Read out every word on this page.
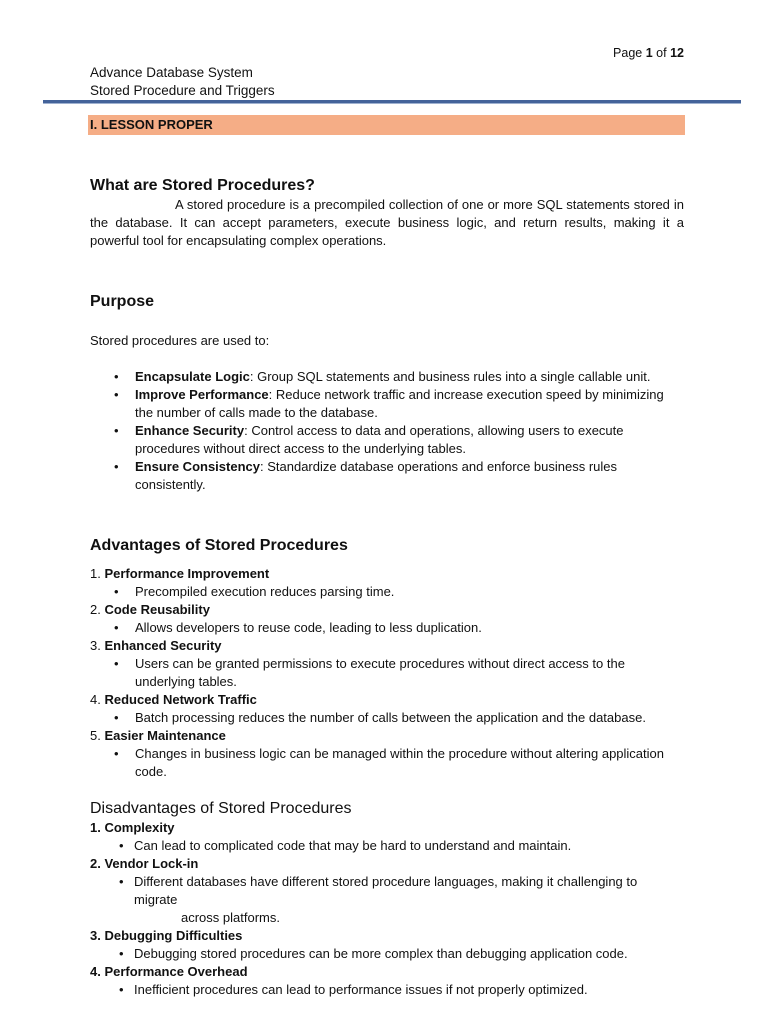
Page 1 of 12
Advance Database System
Stored Procedure and Triggers
I. LESSON PROPER
What are Stored Procedures?

A stored procedure is a precompiled collection of one or more SQL statements stored in the database. It can accept parameters, execute business logic, and return results, making it a powerful tool for encapsulating complex operations.

Purpose

Stored procedures are used to:

• Encapsulate Logic: Group SQL statements and business rules into a single callable unit.
• Improve Performance: Reduce network traffic and increase execution speed by minimizing the number of calls made to the database.
• Enhance Security: Control access to data and operations, allowing users to execute procedures without direct access to the underlying tables.
• Ensure Consistency: Standardize database operations and enforce business rules consistently.
Advantages of Stored Procedures
1. Performance Improvement
• Precompiled execution reduces parsing time.
2. Code Reusability
• Allows developers to reuse code, leading to less duplication.
3. Enhanced Security
• Users can be granted permissions to execute procedures without direct access to the underlying tables.
4. Reduced Network Traffic
• Batch processing reduces the number of calls between the application and the database.
5. Easier Maintenance
• Changes in business logic can be managed within the procedure without altering application code.
Disadvantages of Stored Procedures
1. Complexity
• Can lead to complicated code that may be hard to understand and maintain.
2. Vendor Lock-in
• Different databases have different stored procedure languages, making it challenging to migrate
across platforms.
3. Debugging Difficulties
• Debugging stored procedures can be more complex than debugging application code.
4. Performance Overhead
• Inefficient procedures can lead to performance issues if not properly optimized.
